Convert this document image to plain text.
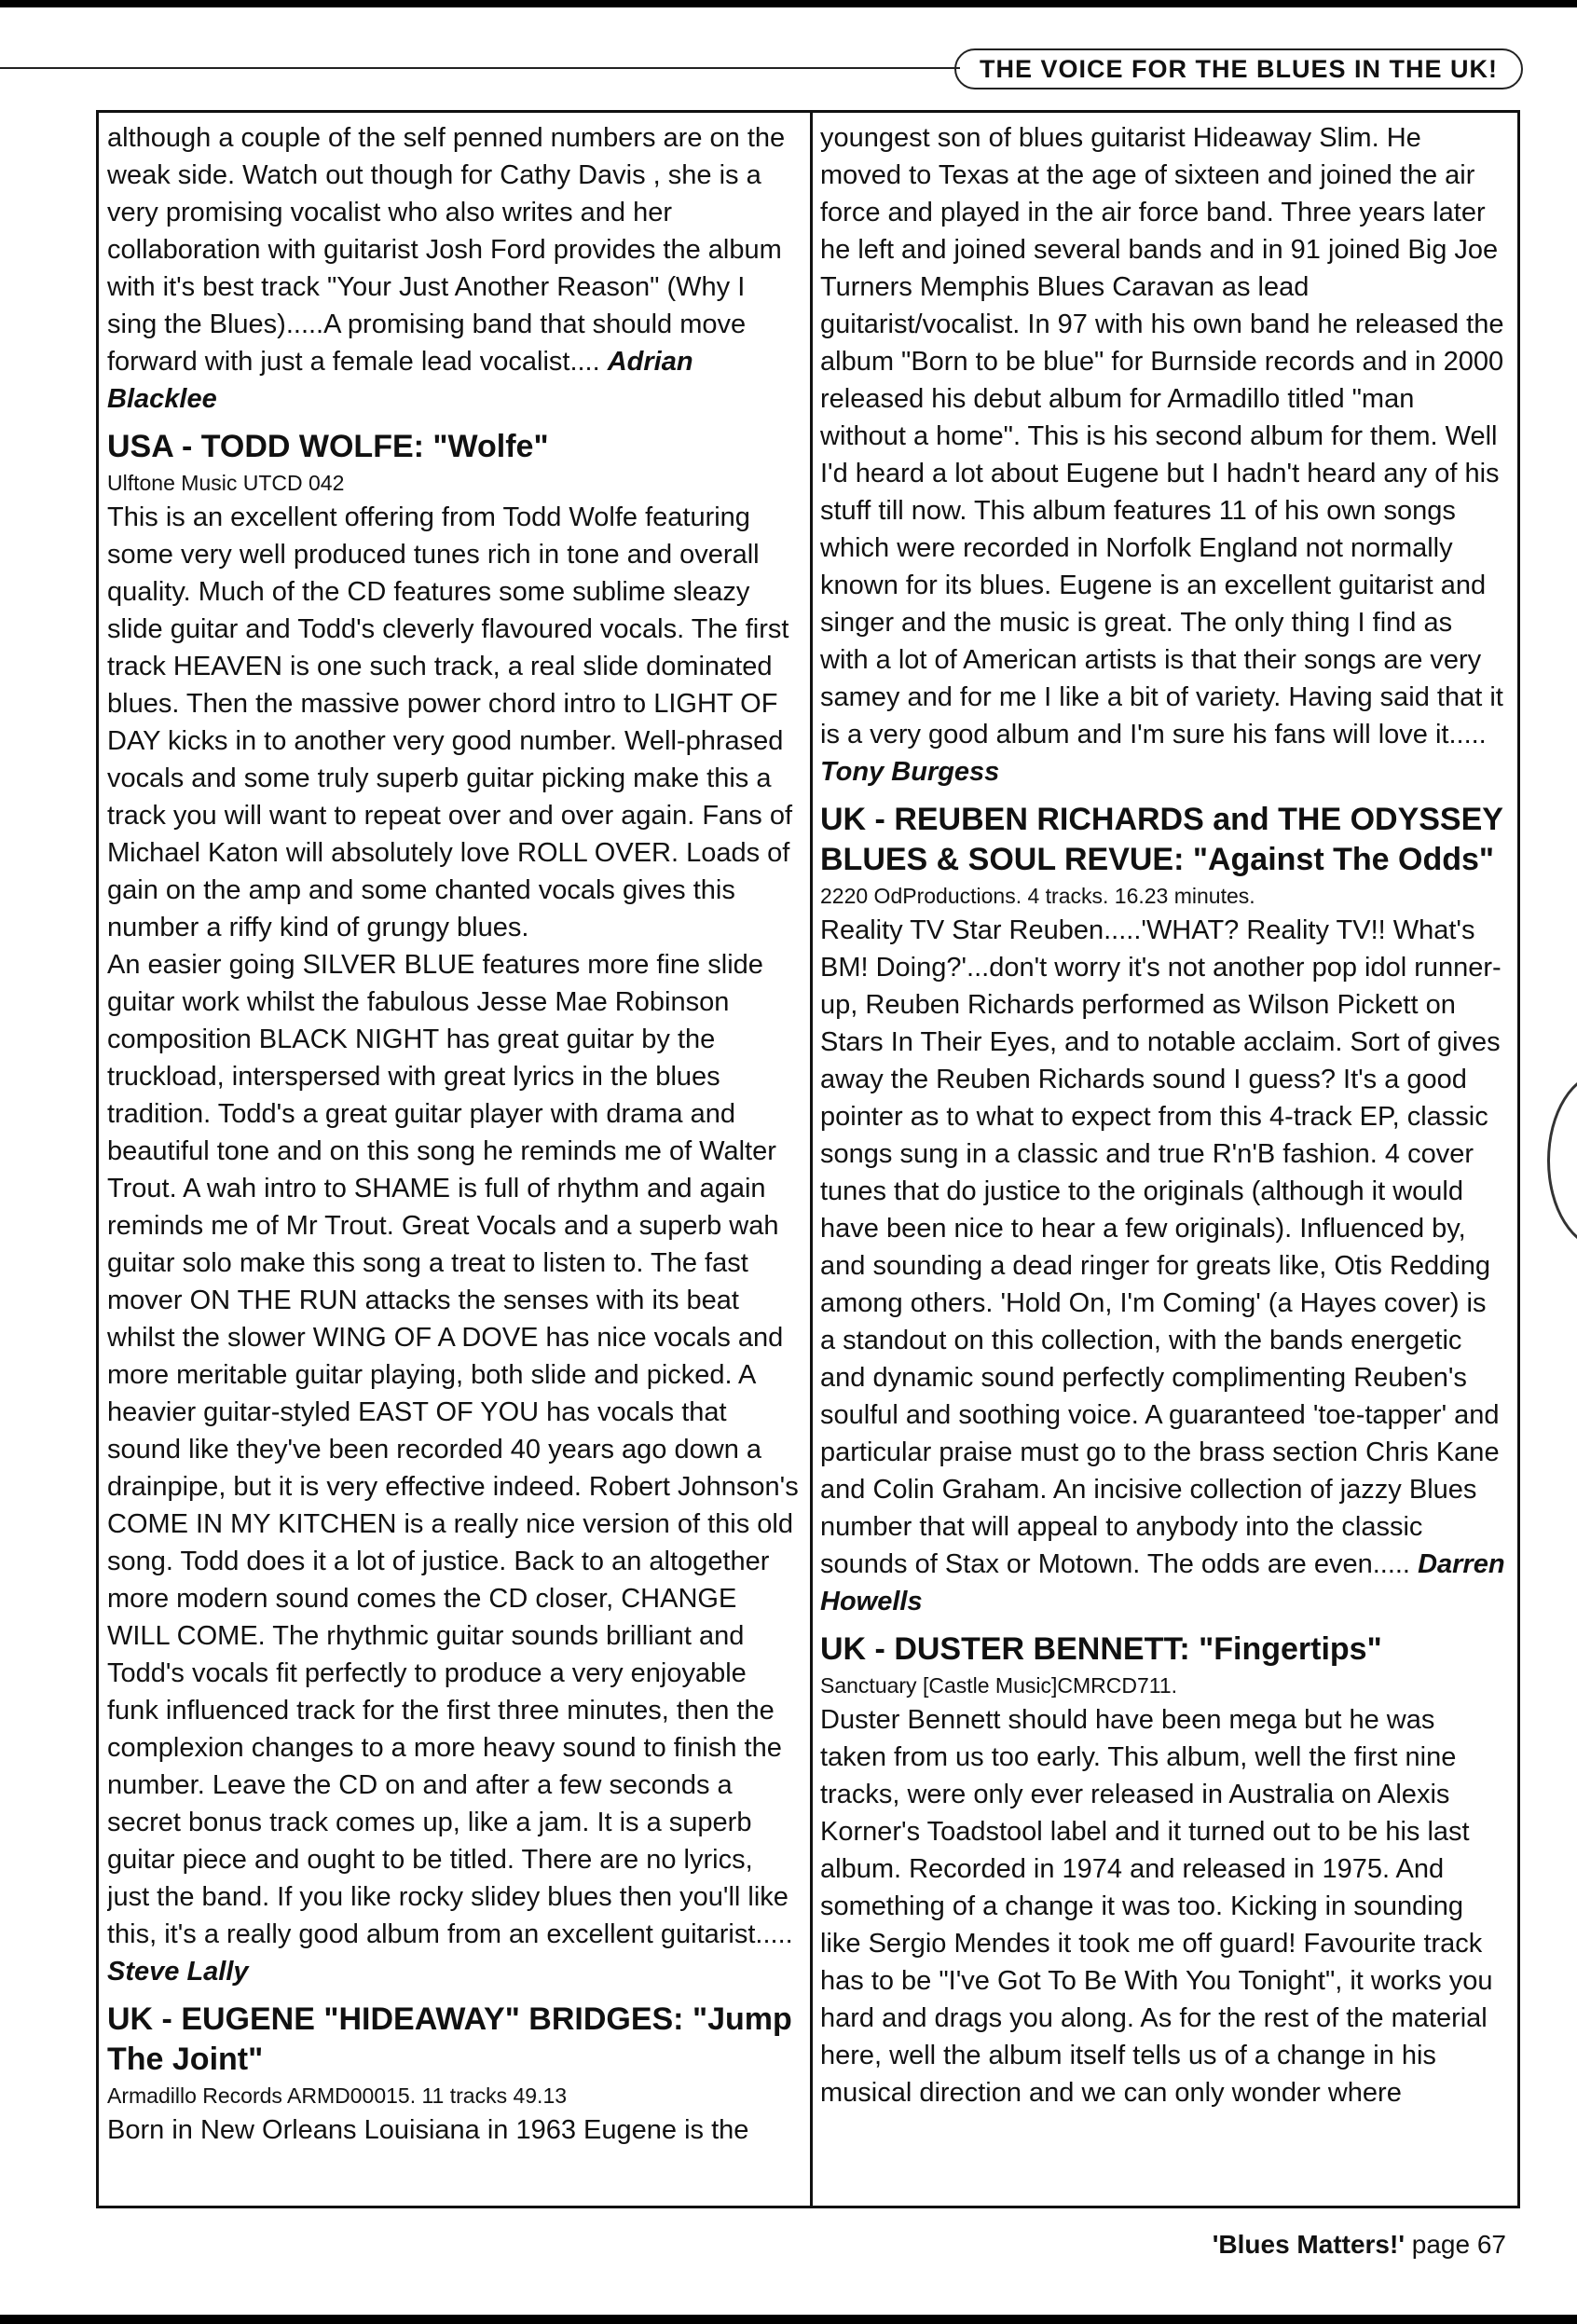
THE VOICE FOR THE BLUES IN THE UK!

although a couple of the self penned numbers are on the weak side. Watch out though for Cathy Davis , she is a very promising vocalist who also writes and her collaboration with guitarist Josh Ford provides the album with it's best track "Your Just Another Reason" (Why I sing the Blues).....A promising band that should move forward with just a female lead vocalist.... Adrian Blacklee

USA - TODD WOLFE: "Wolfe"
Ulftone Music UTCD 042

This is an excellent offering from Todd Wolfe featuring some very well produced tunes rich in tone and overall quality. Much of the CD features some sublime sleazy slide guitar and Todd's cleverly flavoured vocals. The first track HEAVEN is one such track, a real slide dominated blues. Then the massive power chord intro to LIGHT OF DAY kicks in to another very good number. Well-phrased vocals and some truly superb guitar picking make this a track you will want to repeat over and over again. Fans of Michael Katon will absolutely love ROLL OVER. Loads of gain on the amp and some chanted vocals gives this number a riffy kind of grungy blues.

An easier going SILVER BLUE features more fine slide guitar work whilst the fabulous Jesse Mae Robinson composition BLACK NIGHT has great guitar by the truckload, interspersed with great lyrics in the blues tradition. Todd's a great guitar player with drama and beautiful tone and on this song he reminds me of Walter Trout. A wah intro to SHAME is full of rhythm and again reminds me of Mr Trout. Great Vocals and a superb wah guitar solo make this song a treat to listen to. The fast mover ON THE RUN attacks the senses with its beat whilst the slower WING OF A DOVE has nice vocals and more meritable guitar playing, both slide and picked. A heavier guitar-styled EAST OF YOU has vocals that sound like they've been recorded 40 years ago down a drainpipe, but it is very effective indeed. Robert Johnson's COME IN MY KITCHEN is a really nice version of this old song. Todd does it a lot of justice. Back to an altogether more modern sound comes the CD closer, CHANGE WILL COME. The rhythmic guitar sounds brilliant and Todd's vocals fit perfectly to produce a very enjoyable funk influenced track for the first three minutes, then the complexion changes to a more heavy sound to finish the number. Leave the CD on and after a few seconds a secret bonus track comes up, like a jam. It is a superb guitar piece and ought to be titled. There are no lyrics, just the band. If you like rocky slidey blues then you'll like this, it's a really good album from an excellent guitarist..... Steve Lally

UK - EUGENE "HIDEAWAY" BRIDGES: "Jump The Joint"
Armadillo Records ARMD00015. 11 tracks 49.13

Born in New Orleans Louisiana in 1963 Eugene is the

youngest son of blues guitarist Hideaway Slim. He moved to Texas at the age of sixteen and joined the air force and played in the air force band. Three years later he left and joined several bands and in 91 joined Big Joe Turners Memphis Blues Caravan as lead guitarist/vocalist. In 97 with his own band he released the album "Born to be blue" for Burnside records and in 2000 released his debut album for Armadillo titled "man without a home". This is his second album for them. Well I'd heard a lot about Eugene but I hadn't heard any of his stuff till now. This album features 11 of his own songs which were recorded in Norfolk England not normally known for its blues. Eugene is an excellent guitarist and singer and the music is great. The only thing I find as with a lot of American artists is that their songs are very samey and for me I like a bit of variety. Having said that it is a very good album and I'm sure his fans will love it..... Tony Burgess

UK - REUBEN RICHARDS and THE ODYSSEY BLUES & SOUL REVUE: "Against The Odds"
2220 OdProductions. 4 tracks. 16.23 minutes.

Reality TV Star Reuben.....'WHAT? Reality TV!! What's BM! Doing?'...don't worry it's not another pop idol runner-up, Reuben Richards performed as Wilson Pickett on Stars In Their Eyes, and to notable acclaim. Sort of gives away the Reuben Richards sound I guess? It's a good pointer as to what to expect from this 4-track EP, classic songs sung in a classic and true R'n'B fashion. 4 cover tunes that do justice to the originals (although it would have been nice to hear a few originals). Influenced by, and sounding a dead ringer for greats like, Otis Redding among others. 'Hold On, I'm Coming' (a Hayes cover) is a standout on this collection, with the bands energetic and dynamic sound perfectly complimenting Reuben's soulful and soothing voice. A guaranteed 'toe-tapper' and particular praise must go to the brass section Chris Kane and Colin Graham. An incisive collection of jazzy Blues number that will appeal to anybody into the classic sounds of Stax or Motown. The odds are even..... Darren Howells

UK - DUSTER BENNETT: "Fingertips"
Sanctuary [Castle Music]CMRCD711.

Duster Bennett should have been mega but he was taken from us too early. This album, well the first nine tracks, were only ever released in Australia on Alexis Korner's Toadstool label and it turned out to be his last album. Recorded in 1974 and released in 1975. And something of a change it was too. Kicking in sounding like Sergio Mendes it took me off guard! Favourite track has to be "I've Got To Be With You Tonight", it works you hard and drags you along. As for the rest of the material here, well the album itself tells us of a change in his musical direction and we can only wonder where

'Blues Matters!' page 67
